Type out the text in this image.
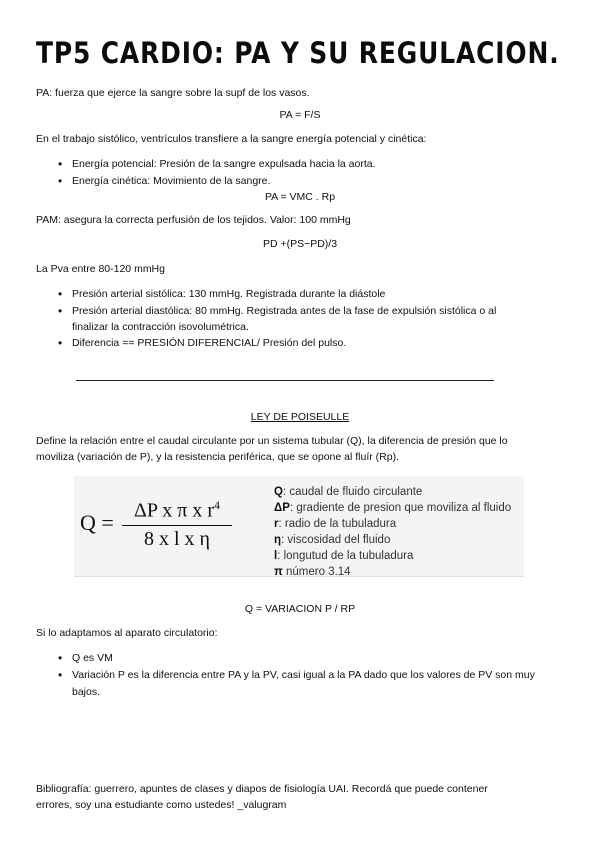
TP5 CARDIO: PA Y SU REGULACION.
PA: fuerza que ejerce la sangre sobre la supf de los vasos.
PA = F/S
En el trabajo sistólico, ventrículos transfiere a la sangre energía potencial y cinética:
• Energía potencial: Presión de la sangre expulsada hacia la aorta.
• Energía cinética: Movimiento de la sangre.
PA = VMC . Rp
PAM: asegura la correcta perfusión de los tejidos. Valor: 100 mmHg
PD +(PS−PD)/3
La Pva entre 80-120 mmHg
• Presión arterial sistólica: 130 mmHg. Registrada durante la diástole
• Presión arterial diastólica: 80 mmHg. Registrada antes de la fase de expulsión sistólica o al
finalizar la contracción isovolumétrica.
• Diferencia == PRESIÓN DIFERENCIAL/ Presión del pulso.
LEY DE POISEULLE
Define la relación entre el caudal circulante por un sistema tubular (Q), la diferencia de presión que lo
moviliza (variación de P), y la resistencia periférica, que se opone al fluír (Rp).
$Q = \frac{\Delta P x \pi x r^4}{\text{8 x l x η}}$
Q: caudal de fluido circulante
ΔP: gradiente de presion que moviliza al fluido
r: radio de la tubuladura
η: viscosidad del fluido
l: longutud de la tubuladura
π número 3.14
Q = VARIACION P / RP
Si lo adaptamos al aparato circulatorio:
• Q es VM
• Variación P es la diferencia entre PA y la PV, casi igual a la PA dado que los valores de PV son muy
bajos.
Bibliografía: guerrero, apuntes de clases y diapos de fisiología UAI. Recordá que puede contener
errores, soy una estudiante como ustedes! _valugram
